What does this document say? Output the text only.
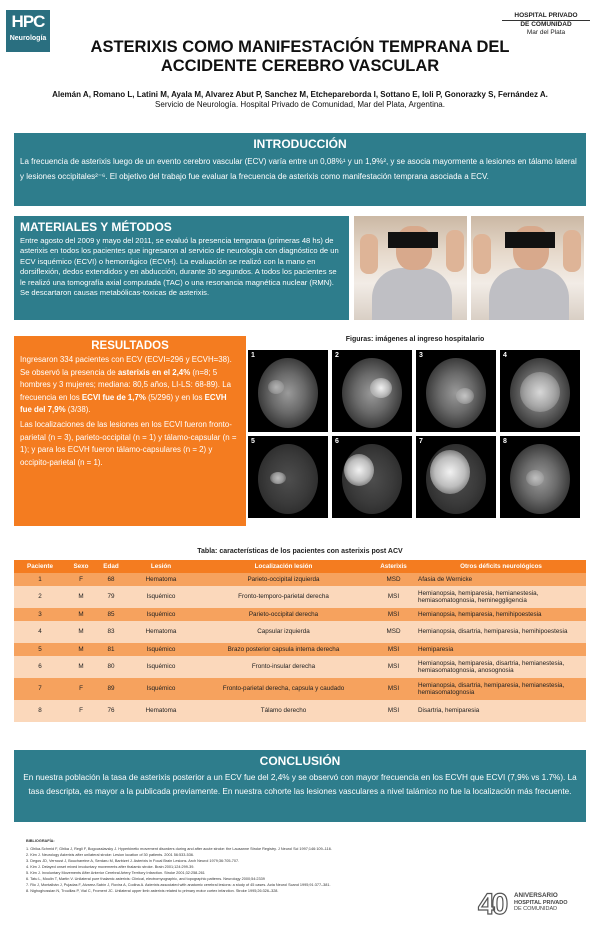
HPC
Neurología
HOSPITAL PRIVADO
DE COMUNIDAD
Mar del Plata
ASTERIXIS COMO MANIFESTACIÓN TEMPRANA DEL ACCIDENTE CEREBRO VASCULAR
Alemán A, Romano L, Latini M, Ayala M, Alvarez Abut P, Sanchez M, Etchepareborda I, Sottano E, Ioli P, Gonorazky S, Fernández A.
Servicio de Neurología. Hospital Privado de Comunidad, Mar del Plata, Argentina.
INTRODUCCIÓN

La frecuencia de asterixis luego de un evento cerebro vascular (ECV) varía entre un 0,08%¹ y un 1,9%², y se asocia mayormente a lesiones en tálamo lateral y lesiones occipitales²⁻⁶. El objetivo del trabajo fue evaluar la frecuencia de asterixis como manifestación temprana asociada a ECV.

MATERIALES Y MÉTODOS

Entre agosto del 2009 y mayo del 2011, se evaluó la presencia temprana (primeras 48 hs) de asterixis en todos los pacientes que ingresaron al servicio de neurología con diagnóstico de un ECV isquémico (ECVI) o hemorrágico (ECVH). La evaluación se realizó con la mano en dorsiflexión, dedos extendidos y en abducción, durante 30 segundos. A todos los pacientes se le realizó una tomografía axial computada (TAC) o una resonancia magnética nuclear (RMN). Se descartaron causas metabólicas-toxicas de asterixis.

RESULTADOS

Ingresaron 334 pacientes con ECV (ECVI=296 y ECVH=38). Se observó la presencia de asterixis en el 2,4% (n=8; 5 hombres y 3 mujeres; mediana: 80,5 años, LI-LS: 68-89). La frecuencia en los ECVI fue de 1,7% (5/296) y en los ECVH fue del 7,9% (3/38).

Las localizaciones de las lesiones en los ECVI fueron fronto-parietal (n = 3), parieto-occipital (n = 1) y tálamo-capsular (n = 1); y para los ECVH fueron tálamo-capsulares (n = 2) y occipito-parietal (n = 1).

Figuras: imágenes al ingreso hospitalario
1	2	3	4
5	6	7	8
Tabla: características de los pacientes con asterixis post ACV
Paciente	Sexo	Edad	Lesión	Localización lesión	Asterixis	Otros déficits neurológicos
1	F	68	Hematoma	Parieto-occipital izquierda	MSD	Afasia de Wernicke
2	M	79	Isquémico	Fronto-temporo-parietal derecha	MSI	Hemianopsia, hemiparesia, hemianestesia, hemiasomatognosia, hemineggligencia
3	M	85	Isquémico	Parieto-occipital derecha	MSI	Hemianopsia, hemiparesia, hemihipoestesia
4	M	83	Hematoma	Capsular izquierda	MSD	Hemianopsia, disartria, hemiparesia, hemihipoestesia
5	M	81	Isquémico	Brazo posterior capsula interna derecha	MSI	Hemiparesia
6	M	80	Isquémico	Fronto-insular derecha	MSI	Hemianopsia, hemiparesia, disartria, hemianestesia, hemiasomatognosia, anosognosia
7	F	89	Isquémico	Fronto-parietal derecha, capsula y caudado	MSI	Hemianopsia, disartria, hemiparesia, hemianestesia, hemiasomatognosia
8	F	76	Hematoma	Tálamo derecho	MSI	Disartria, hemiparesia
CONCLUSIÓN

En nuestra población la tasa de asterixis posterior a un ECV fue del 2,4% y se observó con mayor frecuencia en los ECVH que ECVI (7,9% vs 1.7%). La tasa descripta, es mayor a la publicada previamente. En nuestra cohorte las lesiones vasculares a nivel talámico no fue la localización más frecuente.

BIBLIOGRAFÍA:
1. Ghika-Schmid F, Ghika J, Regli F, Bogousslavsky J. Hyperkinetic movement disorders during and after acute stroke: the Lausanne Stroke Registry. J Neurol Sci 1997;146:109–116.
2. Kim J. Neurology Asterixis after unilateral stroke: Lesion location of 30 patients. 2001 56:533-536.
3. Degos JD, Verroust J, Bouchareine A, Serdaru M, Barbizet J. Asterixis in Focal Brain Lesions. Arch Neurol 1979;36:705-707.
4. Kim J. Delayed onset mixed involuntary movements after thalamic stroke. Brain 2001;124:299-39.
5. Kim J. Involuntary Movements After Anterior Cerebral Artery Territory Infarction. Stroke 2001;32:258-261
6. Tatu L, Moulin T, Martin V. Unilateral pure thalamic asterixis: Clinical, electromyographic, and topographic patterns. Neurology 2000;54:2339
7. Rio J, Montalbán J, Pujadas F, Alvarez-Sabín J, Rovira A, Codina A. Asterixis associated with anatomic cerebral lesions: a study of 45 cases. Acta Neurol Scand 1995;91:377–381.
8. Nighoghossian N, Trouillas P, Vial C, Froment JC. Unilateral upper limb asterixis related to primary motor cortex infarction. Stroke 1995;26:326–328.	40 ANIVERSARIO
HOSPITAL PRIVADO
DE COMUNIDAD
